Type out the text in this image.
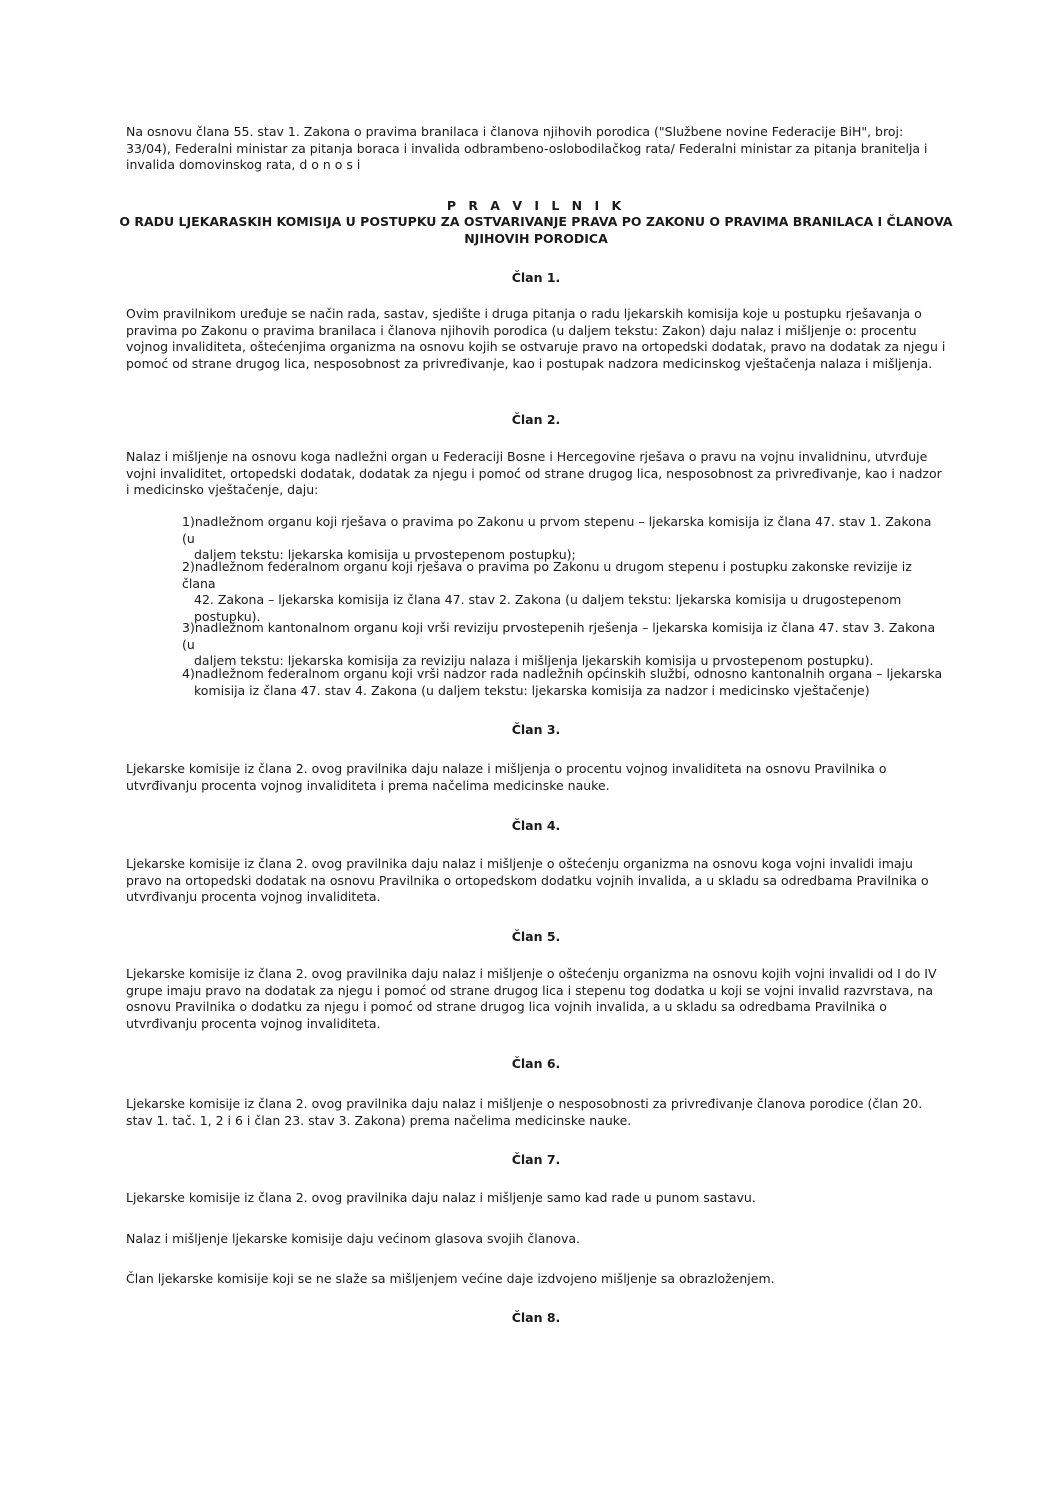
Na osnovu člana 55. stav 1. Zakona o pravima branilaca i članova njihovih porodica ("Službene novine Federacije BiH", broj: 33/04), Federalni ministar za pitanja boraca i invalida odbrambeno-oslobodilačkog rata/ Federalni ministar za pitanja branitelja i invalida domovinskog rata, d o n o s i

P R A V I L N I K

O RADU LJEKARASKIH KOMISIJA U POSTUPKU ZA OSTVARIVANJE PRAVA PO ZAKONU O PRAVIMA BRANILACA I ČLANOVA NJIHOVIH PORODICA

Član 1.

Ovim pravilnikom uređuje se način rada, sastav, sjedište i druga pitanja o radu ljekarskih komisija koje u postupku rješavanja o pravima po Zakonu o pravima branilaca i članova njihovih porodica (u daljem tekstu: Zakon) daju nalaz i mišljenje o: procentu vojnog invaliditeta, oštećenjima organizma na osnovu kojih se ostvaruje pravo na ortopedski dodatak, pravo na dodatak za njegu i pomoć od strane drugog lica, nesposobnost za privređivanje, kao i postupak nadzora medicinskog vještačenja nalaza i mišljenja.

Član 2.

Nalaz i mišljenje na osnovu koga nadležni organ u Federaciji Bosne i Hercegovine rješava o pravu na vojnu invalidninu, utvrđuje vojni invaliditet, ortopedski dodatak, dodatak za njegu i pomoć od strane drugog lica, nesposobnost za privređivanje, kao i nadzor i medicinsko vještačenje, daju:

1)nadležnom organu koji rješava o pravima po Zakonu u prvom stepenu – ljekarska komisija iz člana 47. stav 1. Zakona (u
daljem tekstu: ljekarska komisija u prvostepenom postupku);
2)nadležnom federalnom organu koji rješava o pravima po Zakonu u drugom stepenu i postupku zakonske revizije iz člana
42. Zakona – ljekarska komisija iz člana 47. stav 2. Zakona (u daljem tekstu: ljekarska komisija u drugostepenom postupku).
3)nadležnom kantonalnom organu koji vrši reviziju prvostepenih rješenja – ljekarska komisija iz člana 47. stav 3. Zakona (u
daljem tekstu: ljekarska komisija za reviziju nalaza i mišljenja ljekarskih komisija u prvostepenom postupku).
4)nadležnom federalnom organu koji vrši nadzor rada nadležnih općinskih službi, odnosno kantonalnih organa – ljekarska
komisija iz člana 47. stav 4. Zakona (u daljem tekstu: ljekarska komisija za nadzor i medicinsko vještačenje)

Član 3.

Ljekarske komisije iz člana 2. ovog pravilnika daju nalaze i mišljenja o procentu vojnog invaliditeta na osnovu Pravilnika o utvrđivanju procenta vojnog invaliditeta i prema načelima medicinske nauke.

Član 4.

Ljekarske komisije iz člana 2. ovog pravilnika daju nalaz i mišljenje o oštećenju organizma na osnovu koga vojni invalidi imaju pravo na ortopedski dodatak na osnovu Pravilnika o ortopedskom dodatku vojnih invalida, a u skladu sa odredbama Pravilnika o utvrđivanju procenta vojnog invaliditeta.

Član 5.

Ljekarske komisije iz člana 2. ovog pravilnika daju nalaz i mišljenje o oštećenju organizma na osnovu kojih vojni invalidi od I do IV grupe imaju pravo na dodatak za njegu i pomoć od strane drugog lica i stepenu tog dodatka u koji se vojni invalid razvrstava, na osnovu Pravilnika o dodatku za njegu i pomoć od strane drugog lica vojnih invalida, a u skladu sa odredbama Pravilnika o utvrđivanju procenta vojnog invaliditeta.

Član 6.

Ljekarske komisije iz člana 2. ovog pravilnika daju nalaz i mišljenje o nesposobnosti za privređivanje članova porodice (član 20. stav 1. tač. 1, 2 i 6 i član 23. stav 3. Zakona) prema načelima medicinske nauke.

Član 7.

Ljekarske komisije iz člana 2. ovog pravilnika daju nalaz i mišljenje samo kad rade u punom sastavu.

Nalaz i mišljenje ljekarske komisije daju većinom glasova svojih članova.

Član ljekarske komisije koji se ne slaže sa mišljenjem većine daje izdvojeno mišljenje sa obrazloženjem.

Član 8.
